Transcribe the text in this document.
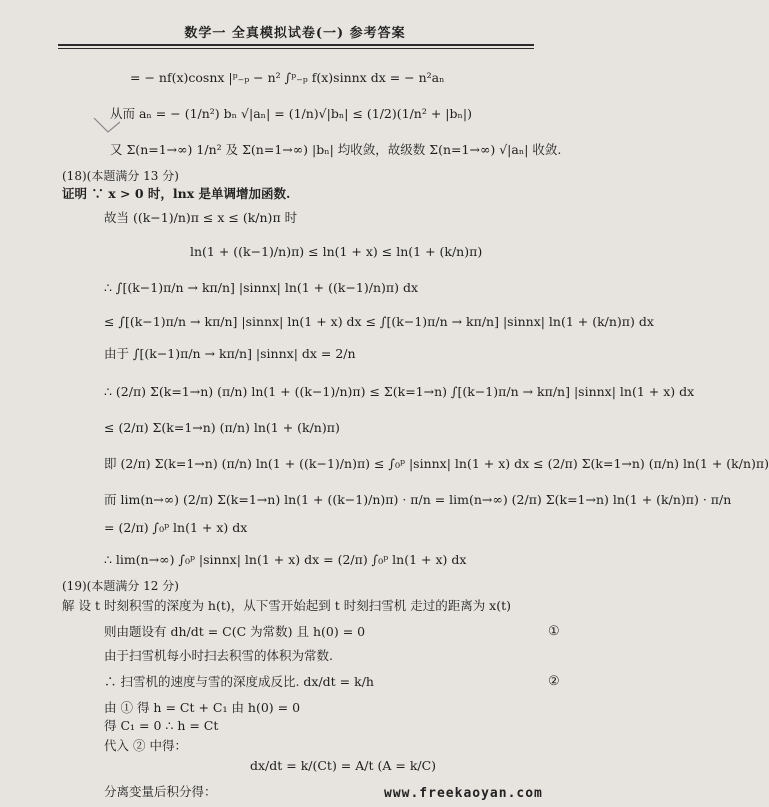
数学一 全真模拟试卷(一) 参考答案
= − nf(x)cosnx |ᵖ₋ₚ − n² ∫ᵖ₋ₚ f(x)sinnx dx = − n²aₙ
从而 aₙ = − (1/n²) bₙ √|aₙ| = (1/n)√|bₙ| ≤ (1/2)(1/n² + |bₙ|)
又 Σ(n=1→∞) 1/n² 及 Σ(n=1→∞) |bₙ| 均收敛，故级数 Σ(n=1→∞) √|aₙ| 收敛.
(18)(本题满分 13 分)
证明 ∵ x > 0 时，lnx 是单调增加函数.
故当 ((k−1)/n)π ≤ x ≤ (k/n)π 时
ln(1 + ((k−1)/n)π) ≤ ln(1 + x) ≤ ln(1 + (k/n)π)
∴ ∫[(k−1)π/n → kπ/n] |sinnx| ln(1 + ((k−1)/n)π) dx
≤ ∫[(k−1)π/n → kπ/n] |sinnx| ln(1 + x) dx ≤ ∫[(k−1)π/n → kπ/n] |sinnx| ln(1 + (k/n)π) dx
由于 ∫[(k−1)π/n → kπ/n] |sinnx| dx = 2/n
∴ (2/π) Σ(k=1→n) (π/n) ln(1 + ((k−1)/n)π) ≤ Σ(k=1→n) ∫[(k−1)π/n → kπ/n] |sinnx| ln(1 + x) dx
≤ (2/π) Σ(k=1→n) (π/n) ln(1 + (k/n)π)
即 (2/π) Σ(k=1→n) (π/n) ln(1 + ((k−1)/n)π) ≤ ∫₀ᵖ |sinnx| ln(1 + x) dx ≤ (2/π) Σ(k=1→n) (π/n) ln(1 + (k/n)π)
而 lim(n→∞) (2/π) Σ(k=1→n) ln(1 + ((k−1)/n)π) · π/n = lim(n→∞) (2/π) Σ(k=1→n) ln(1 + (k/n)π) · π/n
= (2/π) ∫₀ᵖ ln(1 + x) dx
∴ lim(n→∞) ∫₀ᵖ |sinnx| ln(1 + x) dx = (2/π) ∫₀ᵖ ln(1 + x) dx
(19)(本题满分 12 分)
解 设 t 时刻积雪的深度为 h(t)，从下雪开始起到 t 时刻扫雪机 走过的距离为 x(t)
则由题设有 dh/dt = C(C 为常数) 且 h(0) = 0
由于扫雪机每小时扫去积雪的体积为常数.
∴ 扫雪机的速度与雪的深度成反比. dx/dt = k/h
由 ① 得 h = Ct + C₁ 由 h(0) = 0
得 C₁ = 0 ∴ h = Ct
代入 ② 中得：
dx/dt = k/(Ct) = A/t (A = k/C)
分离变量后积分得：
①
②
www.freekaoyan.com
